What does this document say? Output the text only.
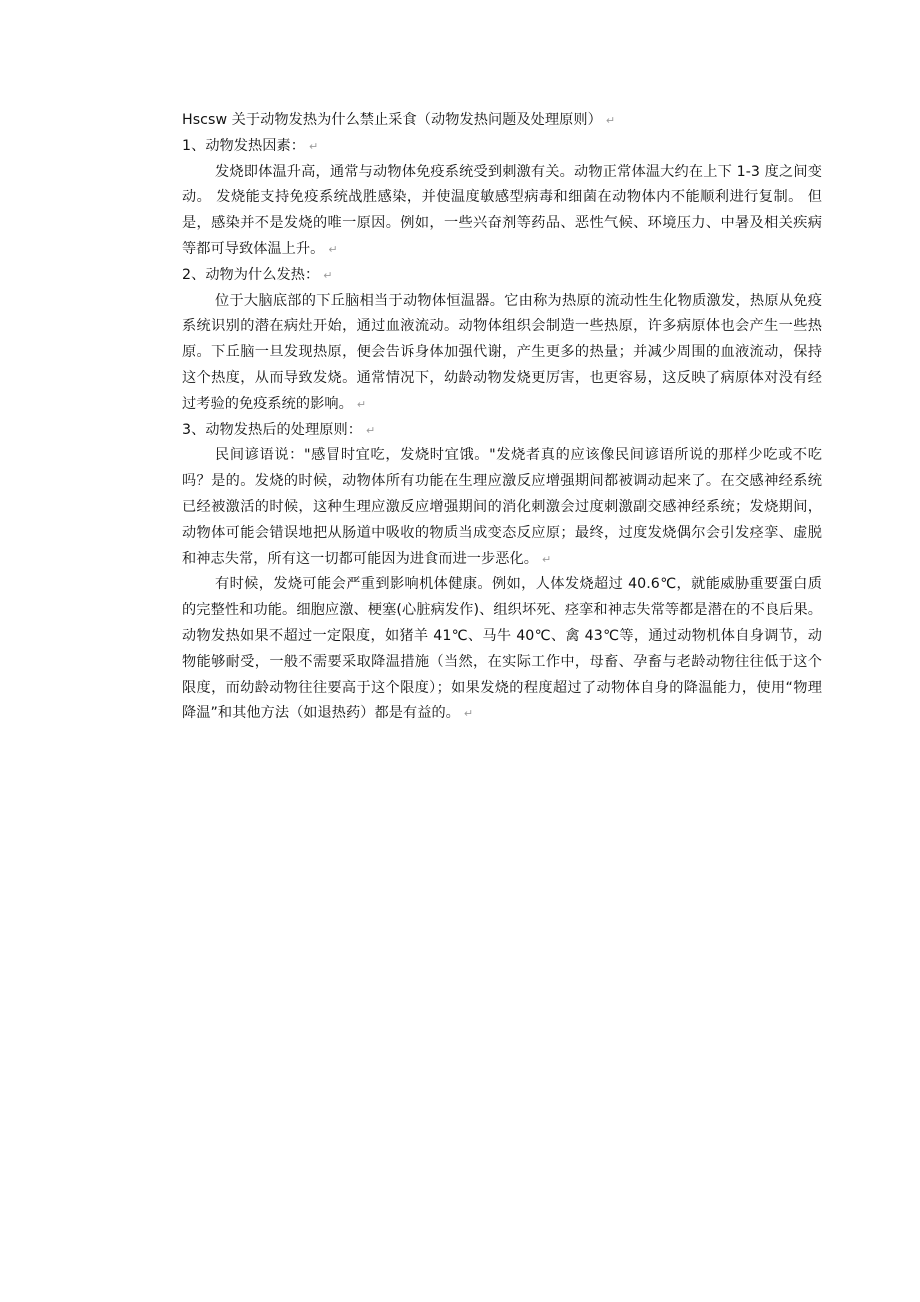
Hscsw 关于动物发热为什么禁止采食（动物发热问题及处理原则） ↵

1、动物发热因素： ↵

发烧即体温升高，通常与动物体免疫系统受到刺激有关。动物正常体温大约在上下 1-3 度之间变动。 发烧能支持免疫系统战胜感染，并使温度敏感型病毒和细菌在动物体内不能顺利进行复制。 但是，感染并不是发烧的唯一原因。例如，一些兴奋剂等药品、恶性气候、环境压力、中暑及相关疾病等都可导致体温上升。 ↵

2、动物为什么发热： ↵

位于大脑底部的下丘脑相当于动物体恒温器。它由称为热原的流动性生化物质激发，热原从免疫系统识别的潜在病灶开始，通过血液流动。动物体组织会制造一些热原，许多病原体也会产生一些热原。下丘脑一旦发现热原，便会告诉身体加强代谢，产生更多的热量；并减少周围的血液流动，保持这个热度，从而导致发烧。通常情况下，幼龄动物发烧更厉害，也更容易，这反映了病原体对没有经过考验的免疫系统的影响。 ↵

3、动物发热后的处理原则： ↵

民间谚语说："感冒时宜吃，发烧时宜饿。"发烧者真的应该像民间谚语所说的那样少吃或不吃吗？是的。发烧的时候，动物体所有功能在生理应激反应增强期间都被调动起来了。在交感神经系统已经被激活的时候，这种生理应激反应增强期间的消化刺激会过度刺激副交感神经系统；发烧期间，动物体可能会错误地把从肠道中吸收的物质当成变态反应原；最终，过度发烧偶尔会引发痉挛、虚脱和神志失常，所有这一切都可能因为进食而进一步恶化。 ↵

有时候，发烧可能会严重到影响机体健康。例如，人体发烧超过 40.6℃，就能威胁重要蛋白质的完整性和功能。细胞应激、梗塞(心脏病发作)、组织坏死、痉挛和神志失常等都是潜在的不良后果。动物发热如果不超过一定限度，如猪羊 41℃、马牛 40℃、禽 43℃等，通过动物机体自身调节，动物能够耐受，一般不需要采取降温措施（当然，在实际工作中，母畜、孕畜与老龄动物往往低于这个限度，而幼龄动物往往要高于这个限度）；如果发烧的程度超过了动物体自身的降温能力，使用“物理降温”和其他方法（如退热药）都是有益的。 ↵
